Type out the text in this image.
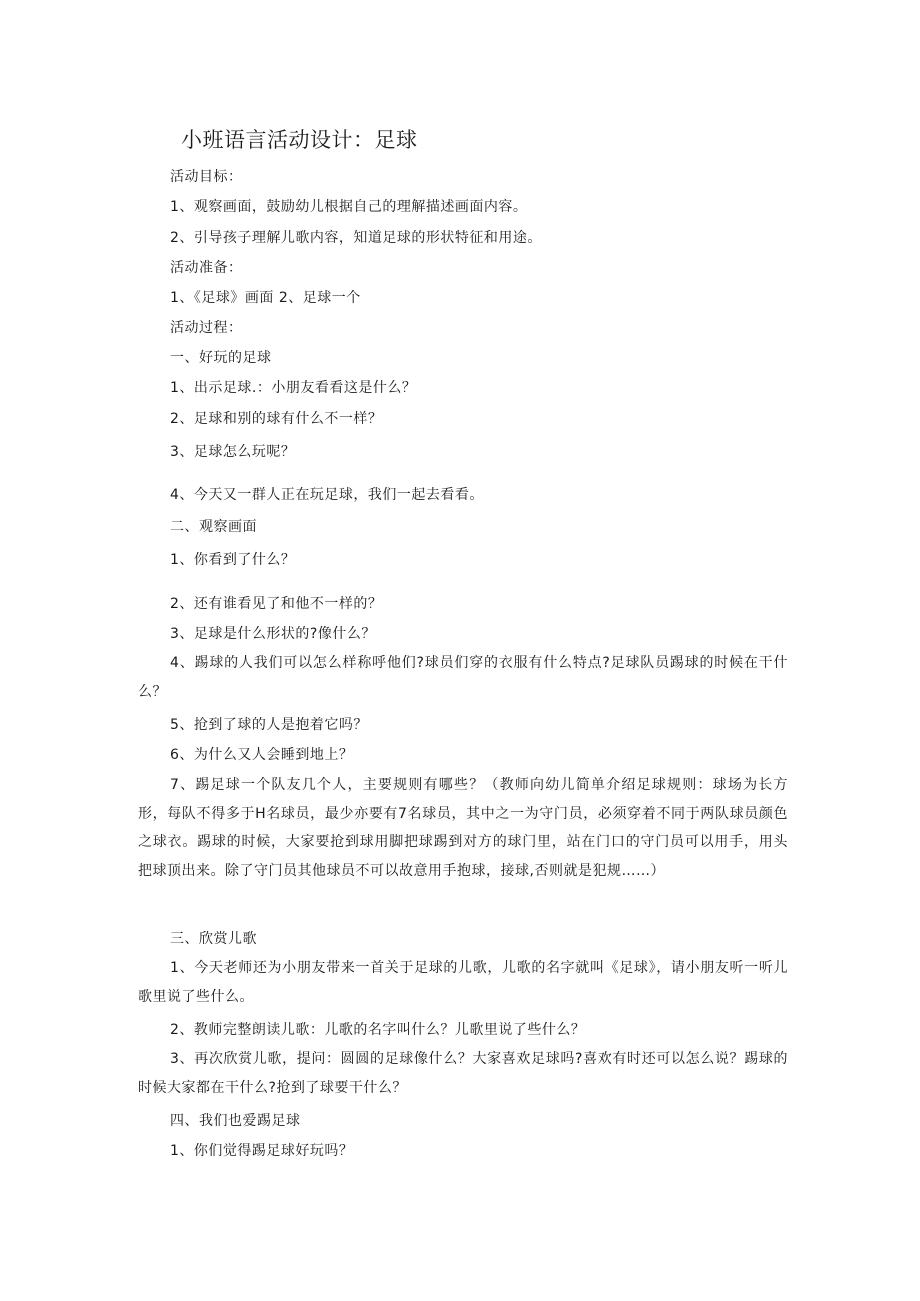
小班语言活动设计：足球
活动目标：
1、观察画面，鼓励幼儿根据自己的理解描述画面内容。
2、引导孩子理解儿歌内容，知道足球的形状特征和用途。
活动准备：
1、《足球》画面 2、足球一个
活动过程：
一、好玩的足球
1、出示足球.：小朋友看看这是什么？
2、足球和别的球有什么不一样？
3、足球怎么玩呢？
4、今天又一群人正在玩足球，我们一起去看看。
二、观察画面
1、你看到了什么？
2、还有谁看见了和他不一样的？
3、足球是什么形状的?像什么？

4、踢球的人我们可以怎么样称呼他们?球员们穿的衣服有什么特点?足球队员踢球的时候在干什么？

5、抢到了球的人是抱着它吗？
6、为什么又人会睡到地上？

7、踢足球一个队友几个人，主要规则有哪些？（教师向幼儿简单介绍足球规则：球场为长方形，每队不得多于H名球员，最少亦要有7名球员，其中之一为守门员，必须穿着不同于两队球员颜色之球衣。踢球的时候，大家要抢到球用脚把球踢到对方的球门里，站在门口的守门员可以用手，用头把球顶出来。除了守门员其他球员不可以故意用手抱球，接球,否则就是犯规……）

三、欣赏儿歌

1、今天老师还为小朋友带来一首关于足球的儿歌，儿歌的名字就叫《足球》，请小朋友听一听儿歌里说了些什么。

2、教师完整朗读儿歌：儿歌的名字叫什么？儿歌里说了些什么？

3、再次欣赏儿歌，提问：圆圆的足球像什么？大家喜欢足球吗?喜欢有时还可以怎么说？踢球的时候大家都在干什么?抢到了球要干什么？

四、我们也爱踢足球
1、你们觉得踢足球好玩吗？
